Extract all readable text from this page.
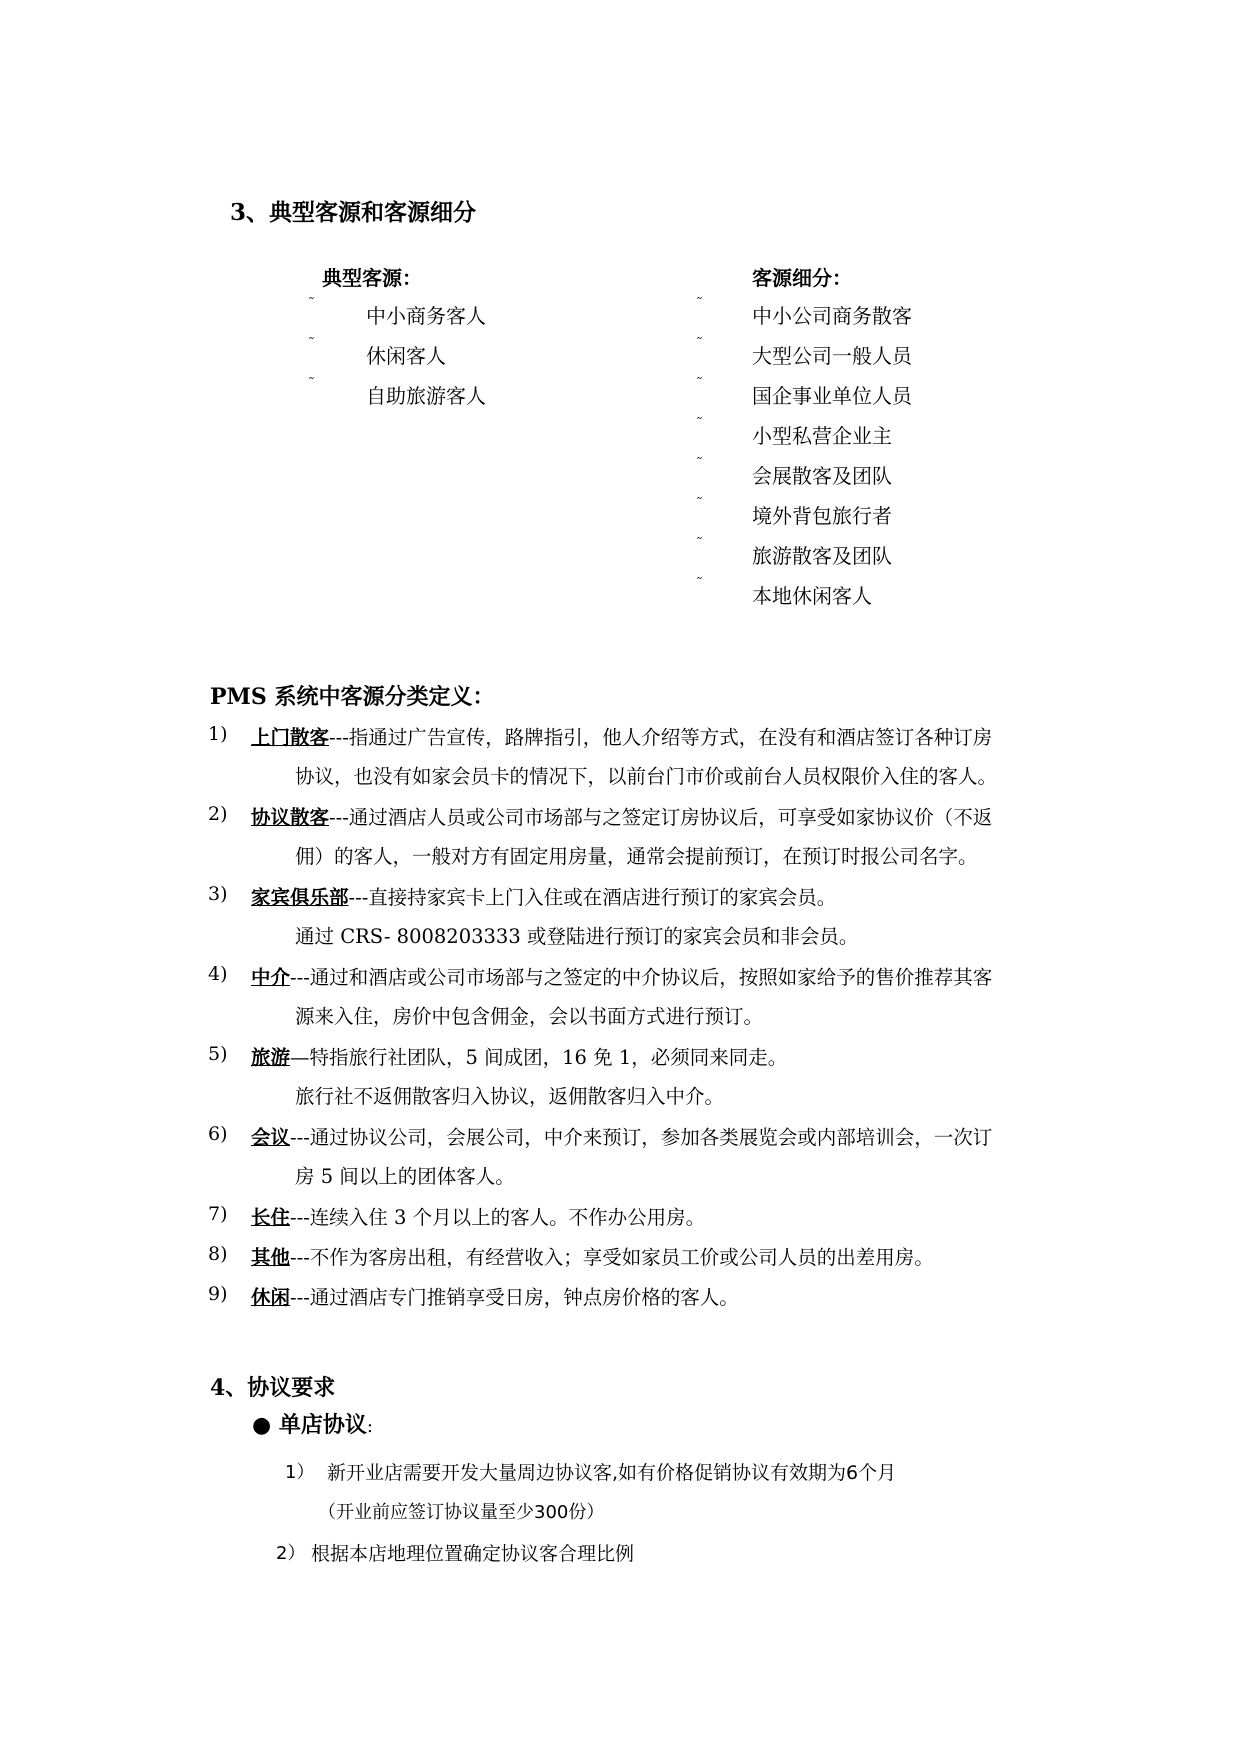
3、典型客源和客源细分
典型客源：	客源细分：
˜	中小商务客人
˜	休闲客人
˜	自助旅游客人
˜ 中小公司商务散客
˜ 大型公司一般人员
˜ 国企事业单位人员
˜ 小型私营企业主
˜ 会展散客及团队
˜ 境外背包旅行者
˜ 旅游散客及团队
˜ 本地休闲客人
PMS 系统中客源分类定义：
1) 上门散客---指通过广告宣传，路牌指引，他人介绍等方式，在没有和酒店签订各种订房
协议，也没有如家会员卡的情况下，以前台门市价或前台人员权限价入住的客人。
2) 协议散客---通过酒店人员或公司市场部与之签定订房协议后，可享受如家协议价（不返
佣）的客人，一般对方有固定用房量，通常会提前预订，在预订时报公司名字。
3) 家宾俱乐部---直接持家宾卡上门入住或在酒店进行预订的家宾会员。
通过 CRS- 8008203333 或登陆进行预订的家宾会员和非会员。
4) 中介---通过和酒店或公司市场部与之签定的中介协议后，按照如家给予的售价推荐其客
源来入住，房价中包含佣金，会以书面方式进行预订。
5) 旅游—特指旅行社团队，5 间成团，16 免 1，必须同来同走。
旅行社不返佣散客归入协议，返佣散客归入中介。
6) 会议---通过协议公司，会展公司，中介来预订，参加各类展览会或内部培训会，一次订
房 5 间以上的团体客人。
7) 长住---连续入住 3 个月以上的客人。不作办公用房。
8) 其他---不作为客房出租，有经营收入；享受如家员工价或公司人员的出差用房。
9) 休闲---通过酒店专门推销享受日房，钟点房价格的客人。
4、协议要求
● 单店协议:
1） 新开业店需要开发大量周边协议客,如有价格促销协议有效期为6个月
（开业前应签订协议量至少300份）
2） 根据本店地理位置确定协议客合理比例
